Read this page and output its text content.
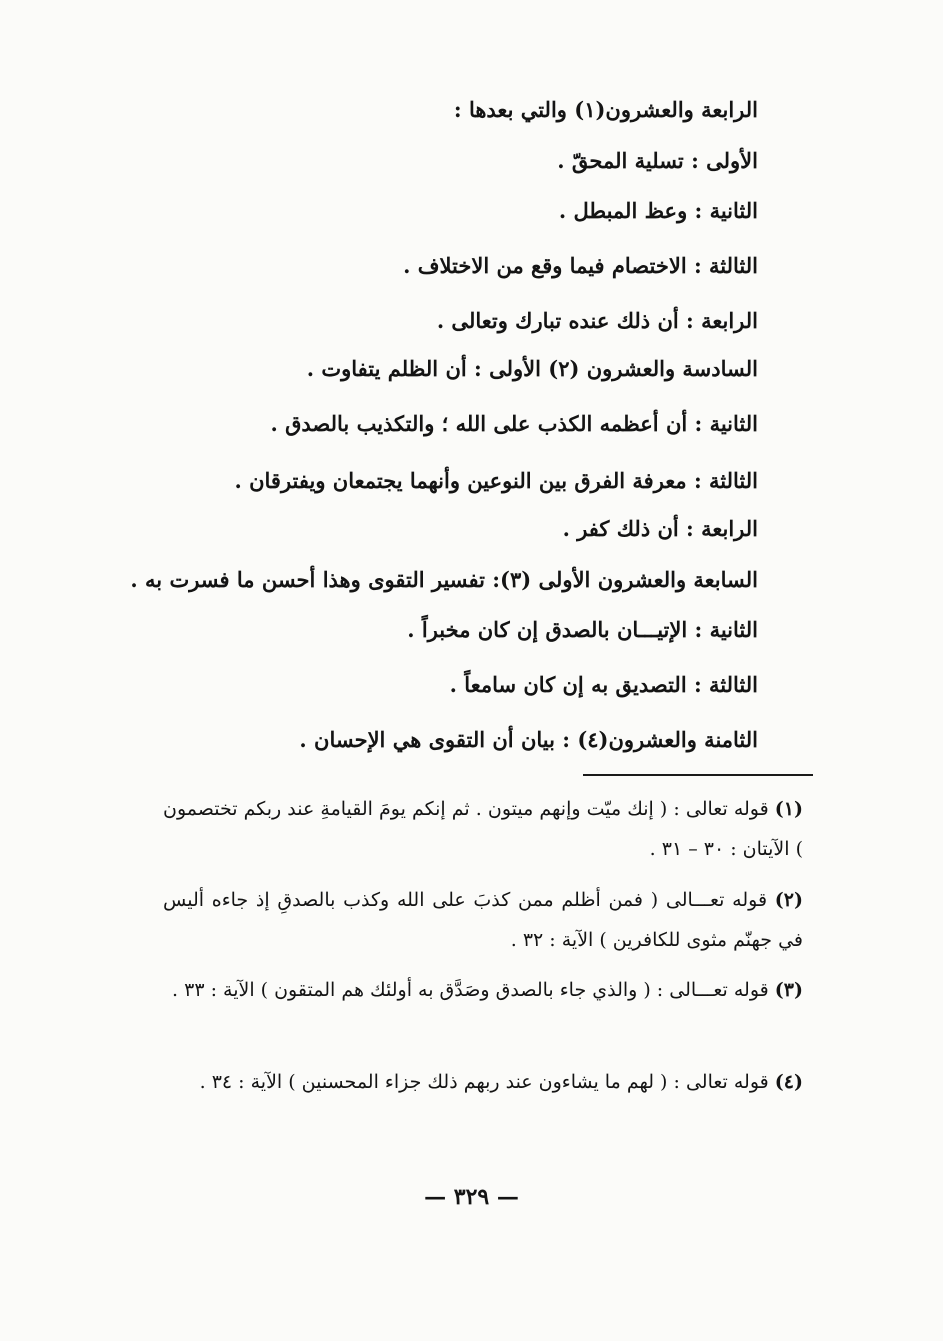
الرابعة والعشرون(١) والتي بعدها :
الأولى : تسلية المحقّ .
الثانية : وعظ المبطل .
الثالثة : الاختصام فيما وقع من الاختلاف .
الرابعة : أن ذلك عنده تبارك وتعالى .
السادسة والعشرون (٢) الأولى : أن الظلم يتفاوت .
الثانية : أن أعظمه الكذب على الله ؛ والتكذيب بالصدق .
الثالثة : معرفة الفرق بين النوعين وأنهما يجتمعان ويفترقان .
الرابعة : أن ذلك كفر .
السابعة والعشرون الأولى (٣): تفسير التقوى وهذا أحسن ما فسرت به .
الثانية : الإتيـــان بالصدق إن كان مخبراً .
الثالثة : التصديق به إن كان سامعاً .
الثامنة والعشرون(٤) : بيان أن التقوى هي الإحسان .
(١) قوله تعالى : ( إنك ميّت وإنهم ميتون . ثم إنكم يومَ القيامةِ عند ربكم تختصمون ) الآيتان : ٣٠ – ٣١ .
(٢) قوله تعـــالى ( فمن أظلم ممن كذبَ على الله وكذب بالصدقِ إذ جاءه أليس في جهنّم مثوى للكافرين ) الآية : ٣٢ .
(٣) قوله تعـــالى : ( والذي جاء بالصدق وصَدَّق به أولئك هم المتقون ) الآية : ٣٣ .
(٤) قوله تعالى : ( لهم ما يشاءون عند ربهم ذلك جزاء المحسنين ) الآية : ٣٤ .
— ٣٢٩ —
